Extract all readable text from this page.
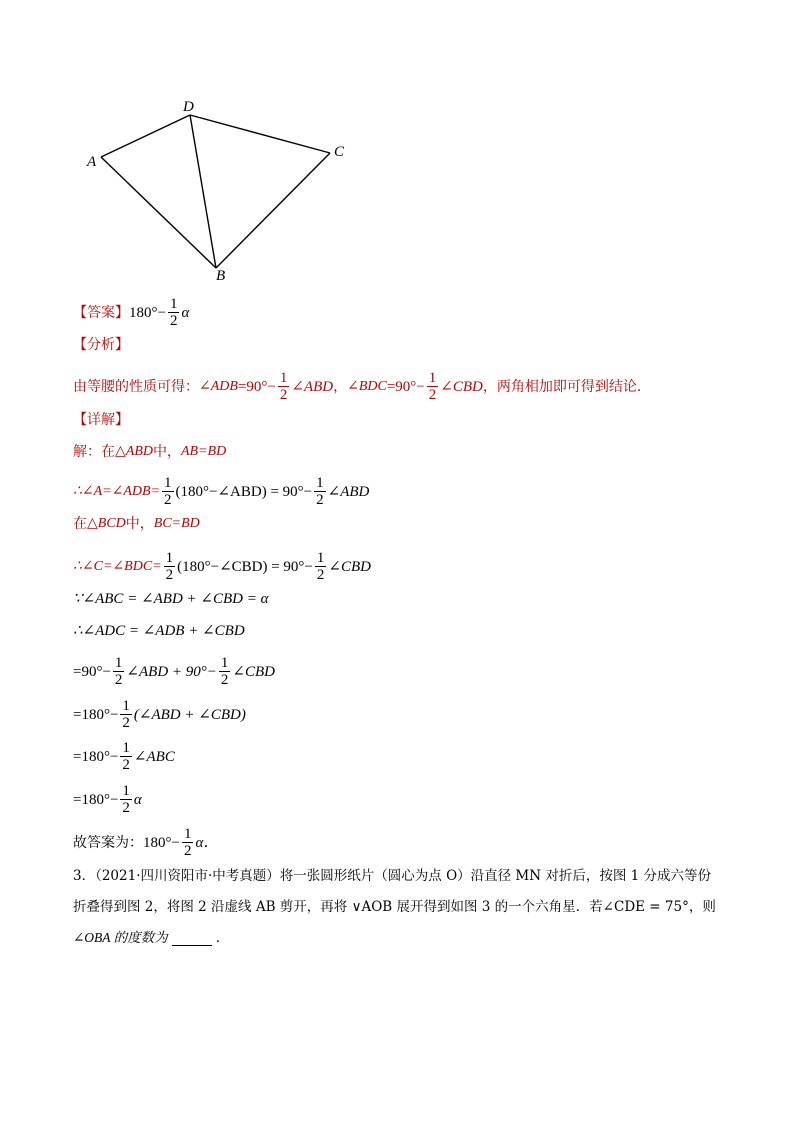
A
D
C
B
【答案】 $180^\circ- \frac{1}{2}$ α
【分析】
由等腰的性质可得： ∠ADB $=90^\circ- \frac{1}{2}$ ∠ABD ， ∠BDC $=90^\circ- \frac{1}{2}$ ∠CBD ，两角相加即可得到结论．
【详解】
解：在 △ABD 中， AB=BD
∴∠A=∠ADB= $\frac{1}{2}$ (180°−∠ABD) = $90^\circ- \frac{1}{2}$ ∠ABD
在 △BCD 中， BC=BD
∴∠C=∠BDC= $\frac{1}{2}$ (180°−∠CBD) = $90^\circ- \frac{1}{2}$ ∠CBD
∵∠ABC = ∠ABD + ∠CBD = α
∴∠ADC = ∠ADB + ∠CBD
$=90^\circ- \frac{1}{2}$ ∠ABD + $90^\circ- \frac{1}{2}$ ∠CBD
$=180^\circ- \frac{1}{2}$ (∠ABD + ∠CBD)
$=180^\circ- \frac{1}{2}$ ∠ABC
$=180^\circ- \frac{1}{2}$ α
故答案为： $180^\circ- \frac{1}{2}$ α．
3．（2021·四川资阳市·中考真题）将一张圆形纸片（圆心为点 O）沿直径 MN 对折后，按图 1 分成六等份
折叠得到图 2，将图 2 沿虚线 AB 剪开，再将 ∨AOB 展开得到如图 3 的一个六角星．若∠CDE = 75°，则
∠OBA 的度数为	．
